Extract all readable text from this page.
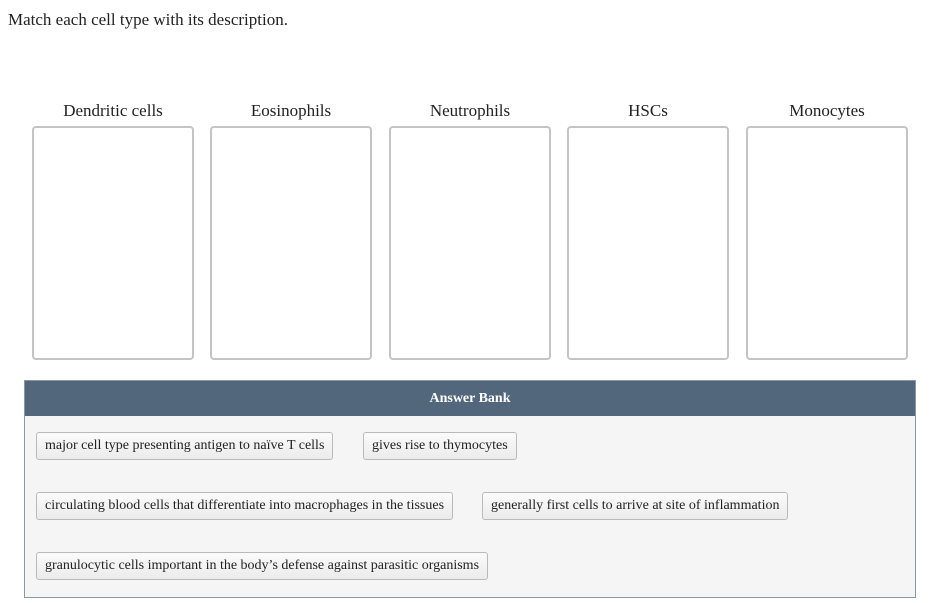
Match each cell type with its description.
Dendritic cells	Eosinophils	Neutrophils	HSCs	Monocytes
Answer Bank
major cell type presenting antigen to naïve T cells	gives rise to thymocytes
circulating blood cells that differentiate into macrophages in the tissues	generally first cells to arrive at site of inflammation
granulocytic cells important in the body’s defense against parasitic organisms
